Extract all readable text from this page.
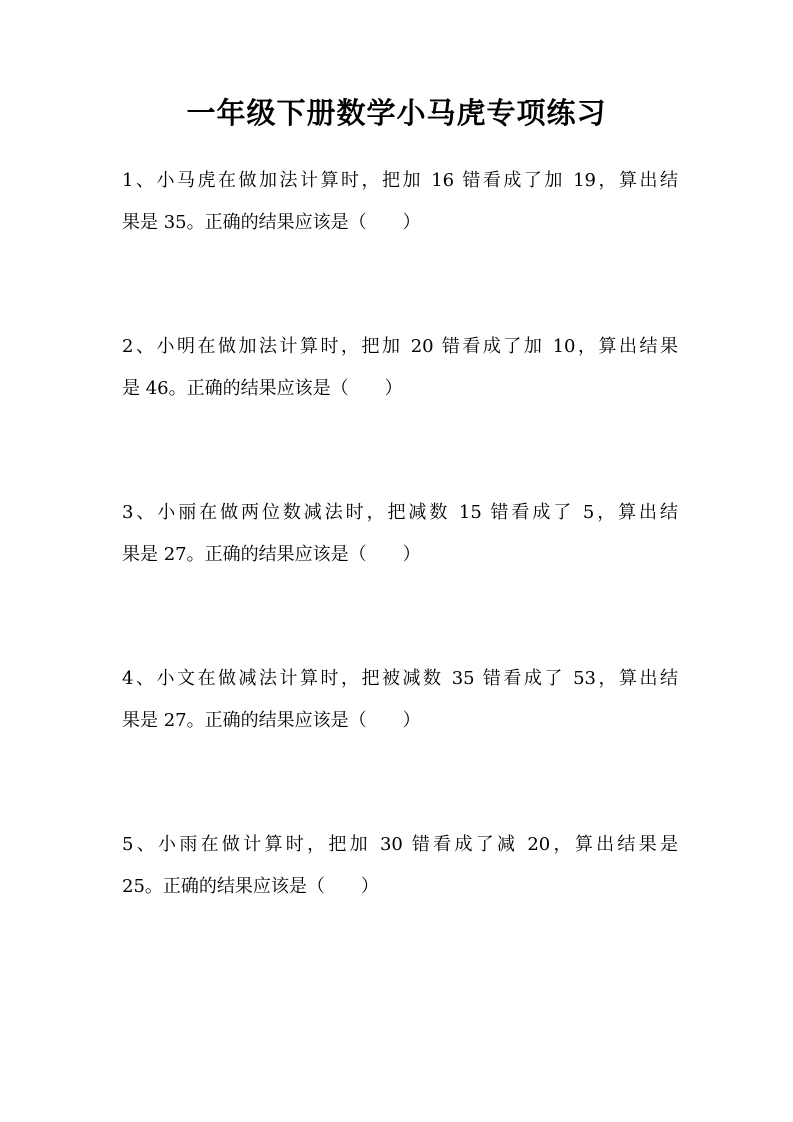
一年级下册数学小马虎专项练习
1、小马虎在做加法计算时，把加 16 错看成了加 19，算出结
果是 35。正确的结果应该是（　　）
2、小明在做加法计算时，把加 20 错看成了加 10，算出结果
是 46。正确的结果应该是（　　）
3、小丽在做两位数减法时，把减数 15 错看成了 5，算出结
果是 27。正确的结果应该是（　　）
4、小文在做减法计算时，把被减数 35 错看成了 53，算出结
果是 27。正确的结果应该是（　　）
5、小雨在做计算时，把加 30 错看成了减 20，算出结果是
25。正确的结果应该是（　　）
